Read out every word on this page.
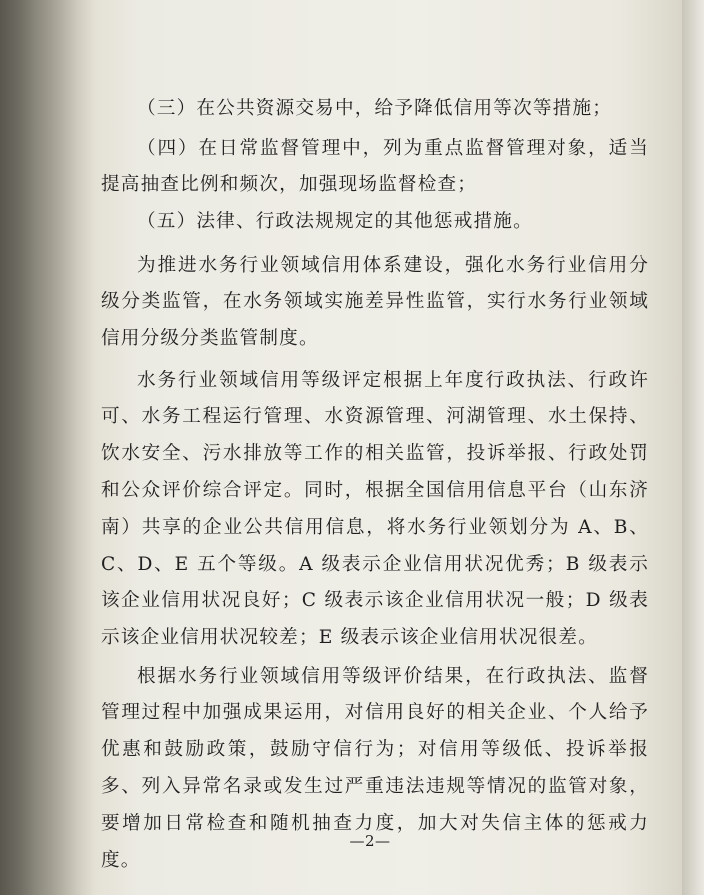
（三）在公共资源交易中，给予降低信用等次等措施；

（四）在日常监督管理中，列为重点监督管理对象，适当提高抽查比例和频次，加强现场监督检查；

（五）法律、行政法规规定的其他惩戒措施。

为推进水务行业领域信用体系建设，强化水务行业信用分级分类监管，在水务领域实施差异性监管，实行水务行业领域信用分级分类监管制度。

水务行业领域信用等级评定根据上年度行政执法、行政许可、水务工程运行管理、水资源管理、河湖管理、水土保持、饮水安全、污水排放等工作的相关监管，投诉举报、行政处罚和公众评价综合评定。同时，根据全国信用信息平台（山东济南）共享的企业公共信用信息，将水务行业领划分为 A、B、C、D、E 五个等级。A 级表示企业信用状况优秀；B 级表示该企业信用状况良好；C 级表示该企业信用状况一般；D 级表示该企业信用状况较差；E 级表示该企业信用状况很差。

根据水务行业领域信用等级评价结果，在行政执法、监督管理过程中加强成果运用，对信用良好的相关企业、个人给予优惠和鼓励政策，鼓励守信行为；对信用等级低、投诉举报多、列入异常名录或发生过严重违法违规等情况的监管对象，要增加日常检查和随机抽查力度，加大对失信主体的惩戒力度。

—2—
